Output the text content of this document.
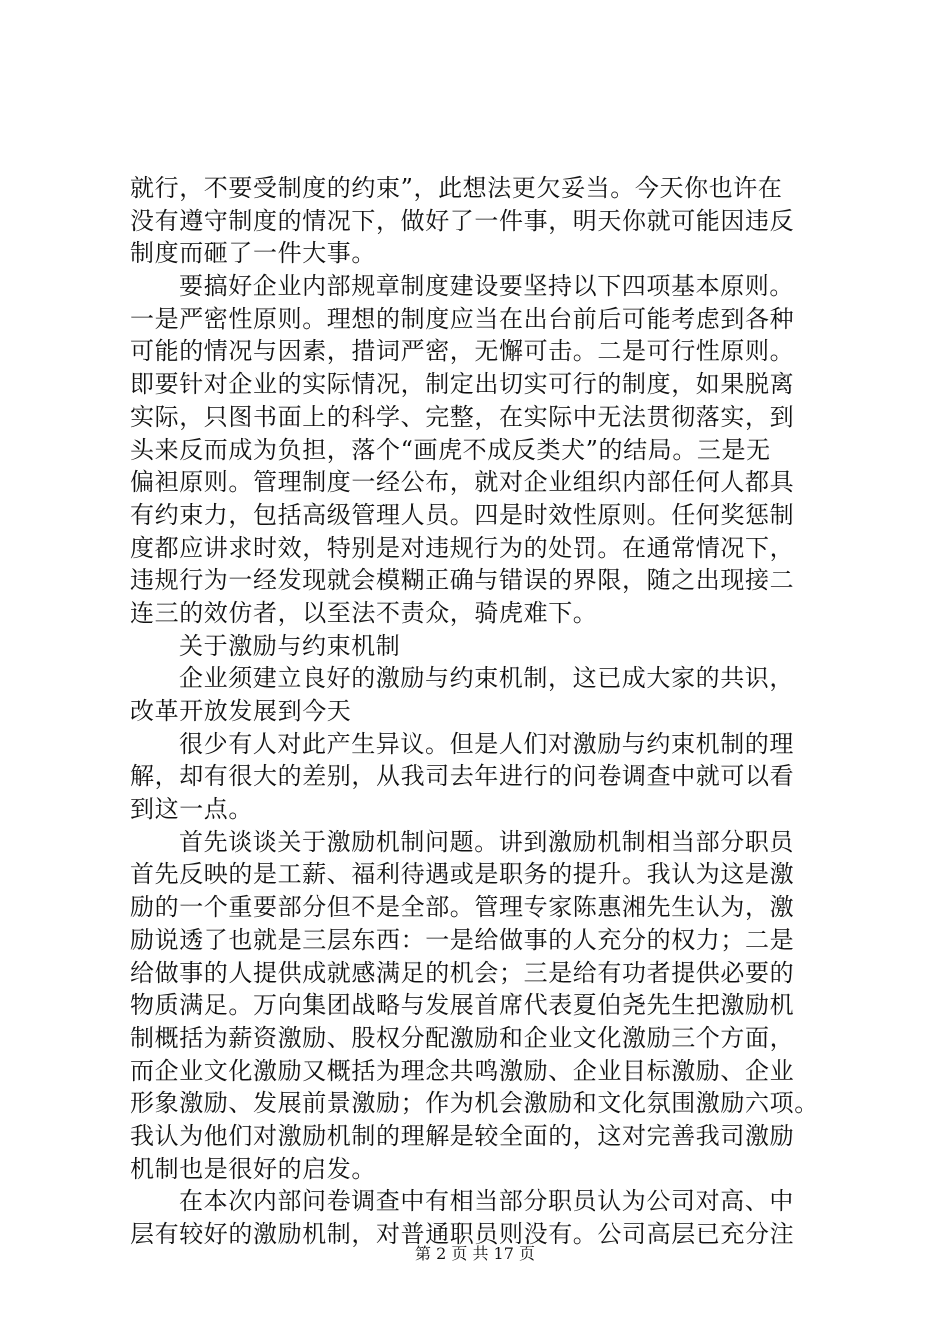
就行，不要受制度的约束”，此想法更欠妥当。今天你也许在
没有遵守制度的情况下，做好了一件事，明天你就可能因违反
制度而砸了一件大事。
要搞好企业内部规章制度建设要坚持以下四项基本原则。
一是严密性原则。理想的制度应当在出台前后可能考虑到各种
可能的情况与因素，措词严密，无懈可击。二是可行性原则。
即要针对企业的实际情况，制定出切实可行的制度，如果脱离
实际，只图书面上的科学、完整，在实际中无法贯彻落实，到
头来反而成为负担，落个“画虎不成反类犬”的结局。三是无
偏袒原则。管理制度一经公布，就对企业组织内部任何人都具
有约束力，包括高级管理人员。四是时效性原则。任何奖惩制
度都应讲求时效，特别是对违规行为的处罚。在通常情况下，
违规行为一经发现就会模糊正确与错误的界限，随之出现接二
连三的效仿者，以至法不责众，骑虎难下。
关于激励与约束机制
企业须建立良好的激励与约束机制，这已成大家的共识，
改革开放发展到今天
很少有人对此产生异议。但是人们对激励与约束机制的理
解，却有很大的差别，从我司去年进行的问卷调查中就可以看
到这一点。
首先谈谈关于激励机制问题。讲到激励机制相当部分职员
首先反映的是工薪、福利待遇或是职务的提升。我认为这是激
励的一个重要部分但不是全部。管理专家陈惠湘先生认为，激
励说透了也就是三层东西：一是给做事的人充分的权力；二是
给做事的人提供成就感满足的机会；三是给有功者提供必要的
物质满足。万向集团战略与发展首席代表夏伯尧先生把激励机
制概括为薪资激励、股权分配激励和企业文化激励三个方面，
而企业文化激励又概括为理念共鸣激励、企业目标激励、企业
形象激励、发展前景激励；作为机会激励和文化氛围激励六项。
我认为他们对激励机制的理解是较全面的，这对完善我司激励
机制也是很好的启发。
在本次内部问卷调查中有相当部分职员认为公司对高、中
层有较好的激励机制，对普通职员则没有。公司高层已充分注
第 2 页 共 17 页
